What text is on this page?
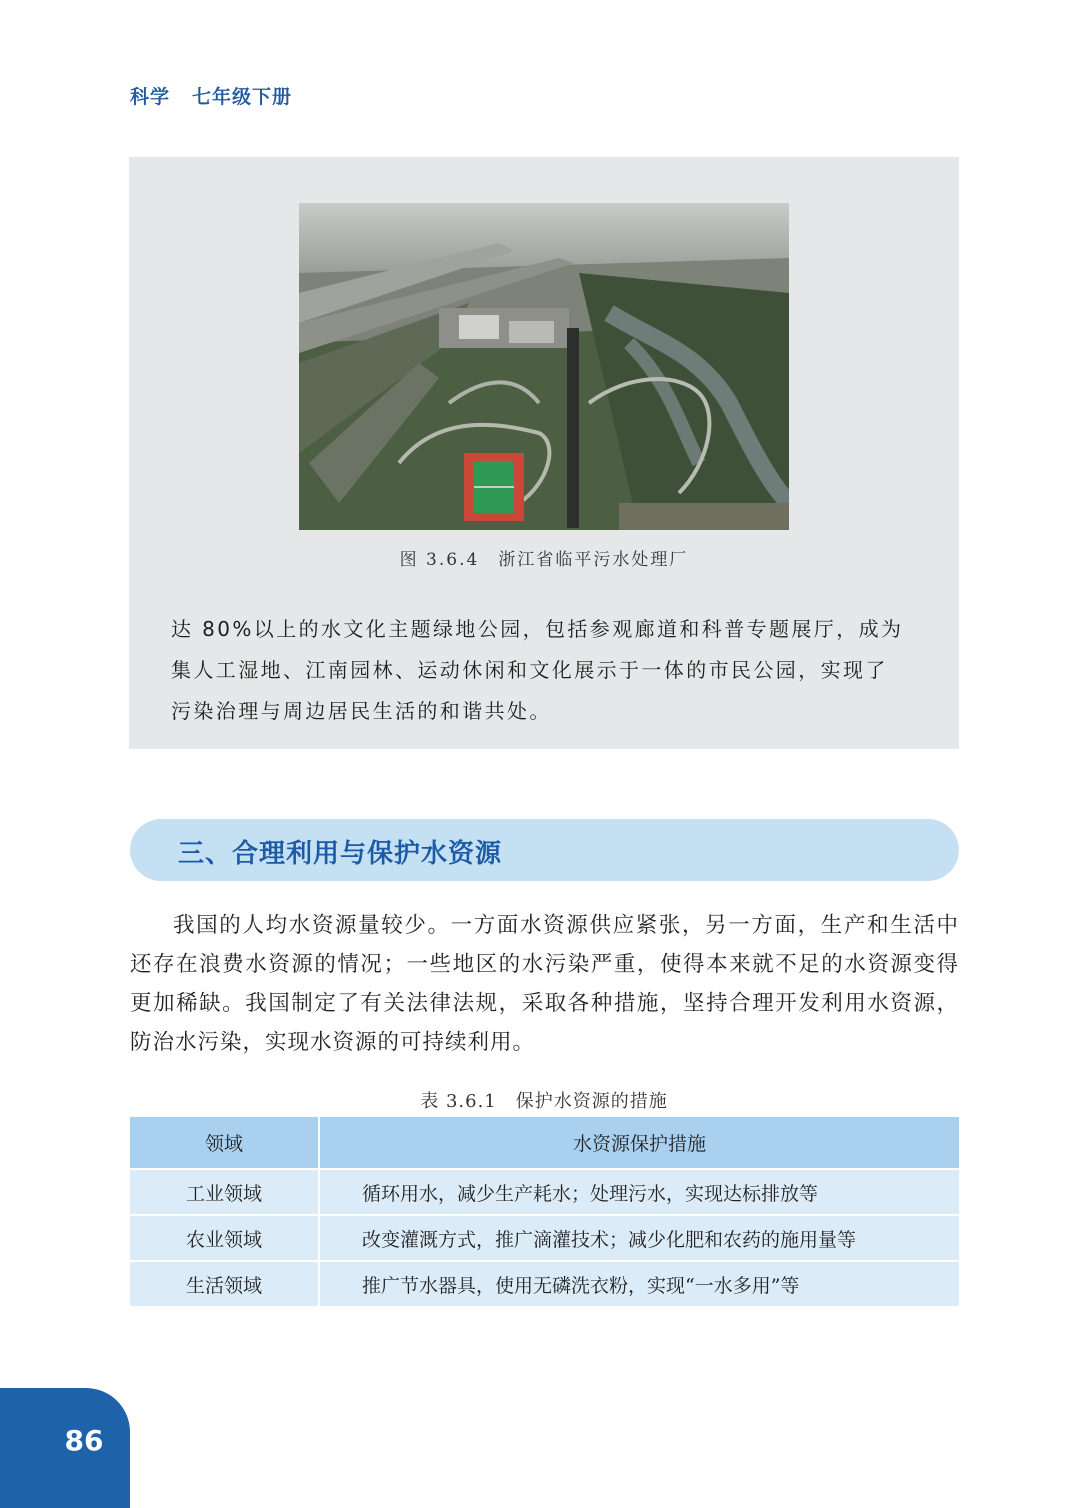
科学 七年级下册
图 3.6.4　浙江省临平污水处理厂

达 80%以上的水文化主题绿地公园，包括参观廊道和科普专题展厅，成为

集人工湿地、江南园林、运动休闲和文化展示于一体的市民公园，实现了

污染治理与周边居民生活的和谐共处。

三、合理利用与保护水资源

我国的人均水资源量较少。一方面水资源供应紧张，另一方面，生产和生活中还存在浪费水资源的情况；一些地区的水污染严重，使得本来就不足的水资源变得更加稀缺。我国制定了有关法律法规，采取各种措施，坚持合理开发利用水资源，防治水污染，实现水资源的可持续利用。

表 3.6.1　保护水资源的措施
领域	水资源保护措施
工业领域	循环用水，减少生产耗水；处理污水，实现达标排放等
农业领域	改变灌溉方式，推广滴灌技术；减少化肥和农药的施用量等
生活领域	推广节水器具，使用无磷洗衣粉，实现“一水多用”等
86
